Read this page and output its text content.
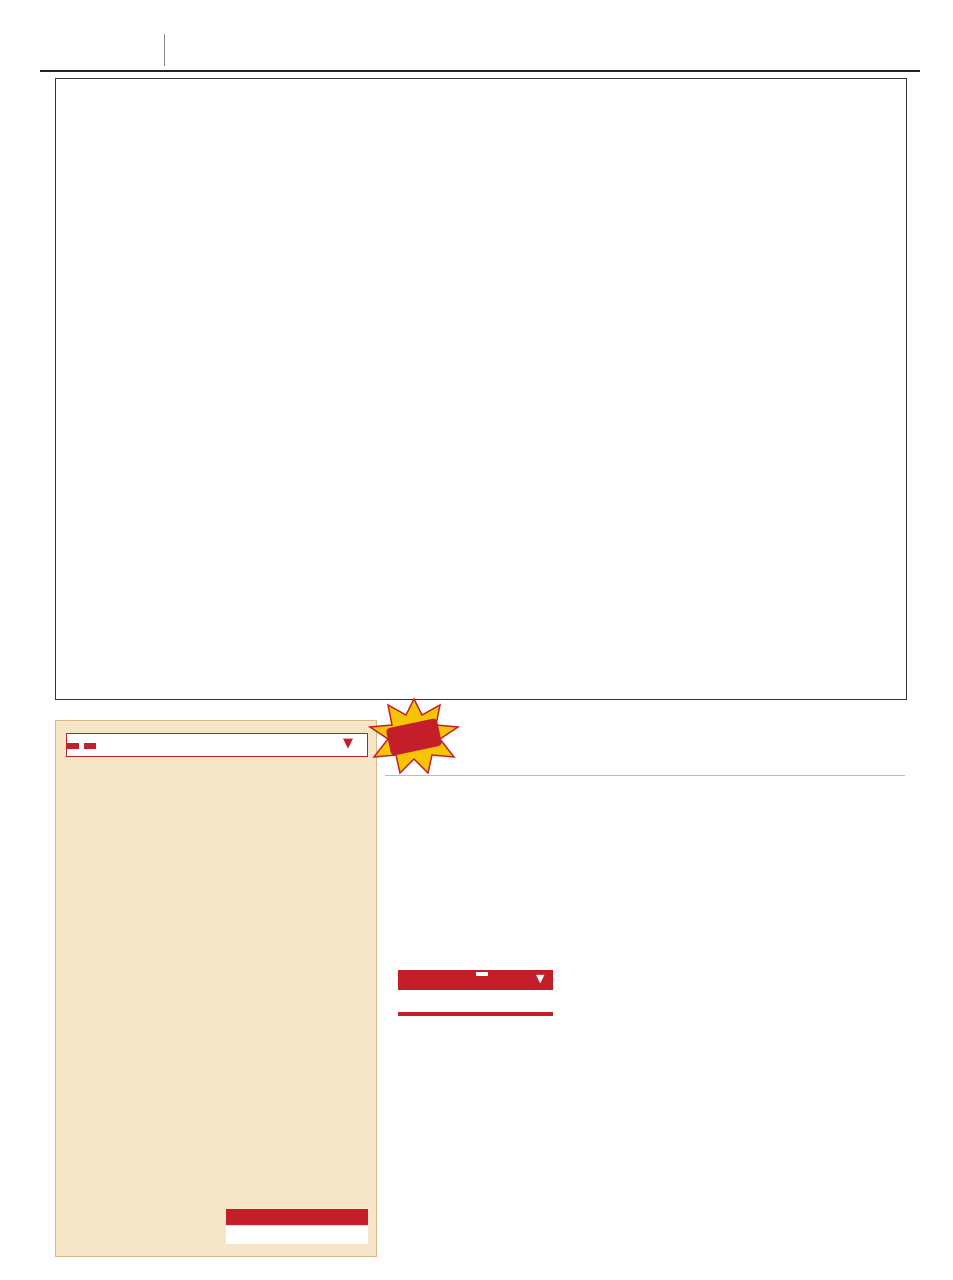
▼
▼
